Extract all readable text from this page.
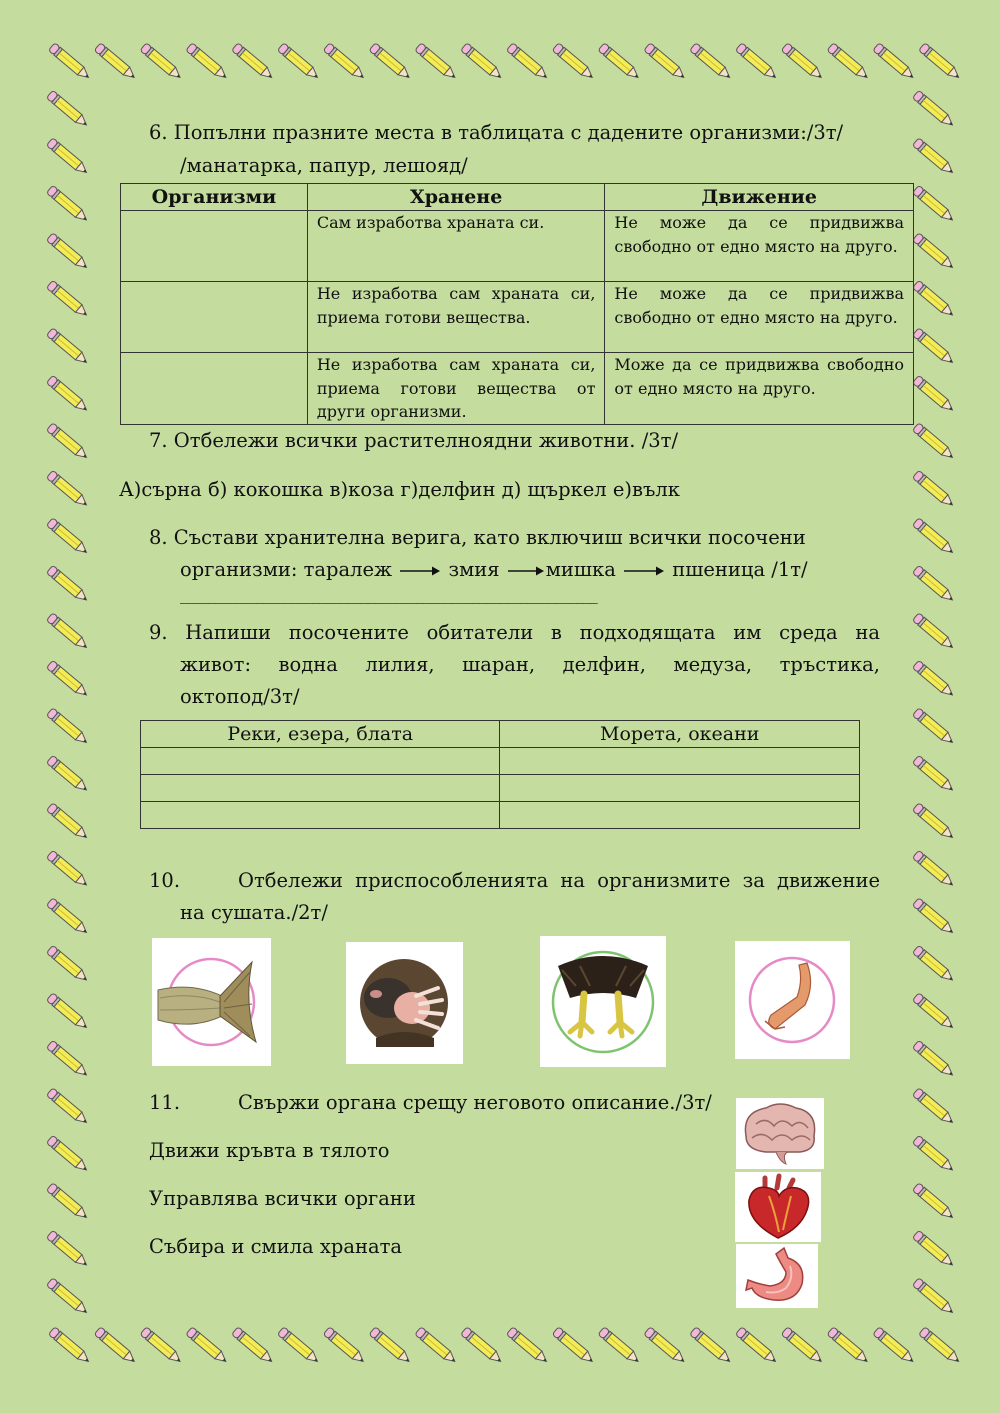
6. Попълни празните места в таблицата с дадените организми:/3т/
/манатарка, папур, лешояд/
Организми	Хранене	Движение
	Сам изработва храната си.	Не може да се придвижва свободно от едно място на друго.
	Не изработва сам храната си, приема готови вещества.	Не може да се придвижва свободно от едно място на друго.
	Не изработва сам храната си, приема готови вещества от други организми.	Може да се придвижва свободно от едно място на друго.
7. Отбележи всички растителноядни животни. /3т/
А)сърна б) кокошка в)коза г)делфин д) щъркел е)вълк
8. Състави хранителна верига, като включиш всички посочени
организми: таралеж	змия мишка	пшеница /1т/
____________________________________________________________
9. Напиши посочените обитатели в подходящата им среда на
живот: водна лилия, шаран, делфин, медуза, тръстика,
октопод/3т/
Реки, езера, блата	Морета, океани

10.	Отбележи приспособленията на организмите за движение
на сушата./2т/
11.	Свържи органа срещу неговото описание./3т/
Движи кръвта в тялото
Управлява всички органи
Събира и смила храната
